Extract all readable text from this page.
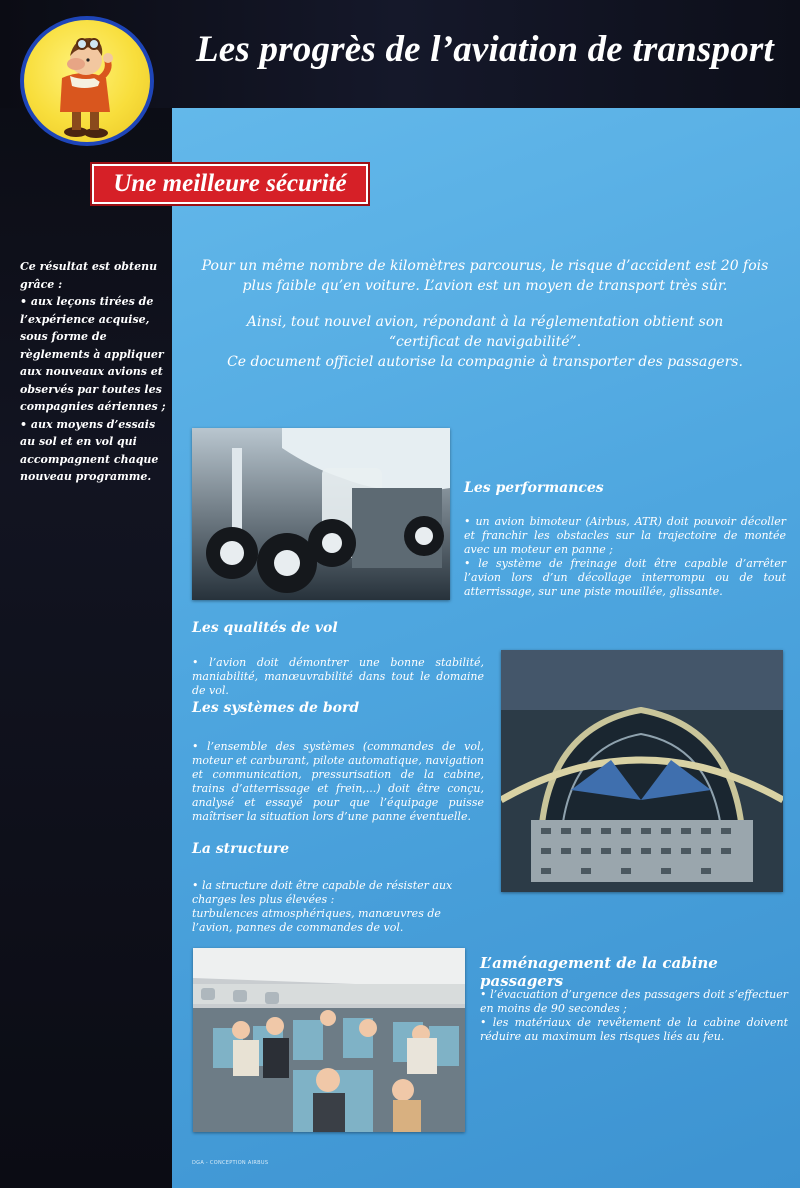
Les progrès de l’aviation de transport
Une meilleure sécurité

Ce résultat est obtenu grâce :

• aux leçons tirées de l’expérience acquise, sous forme de règlements à appliquer aux nouveaux avions et observés par toutes les compagnies aériennes ;

• aux moyens d’essais au sol et en vol qui accompagnent chaque nouveau programme.

Pour un même nombre de kilomètres parcourus, le risque d’accident est 20 fois plus faible qu’en voiture. L’avion est un moyen de transport très sûr.

Ainsi, tout nouvel avion, répondant à la réglementation obtient son

“certificat de navigabilité”.

Ce document officiel autorise la compagnie à transporter des passagers.

Les performances

• un avion bimoteur (Airbus, ATR) doit pouvoir décoller et franchir les obstacles sur la trajectoire de montée avec un moteur en panne ;

• le système de freinage doit être capable d’arrêter l’avion lors d’un décollage interrompu ou de tout atterrissage, sur une piste mouillée, glissante.

Les qualités de vol

• l’avion doit démontrer une bonne stabilité, maniabilité, manœuvrabilité dans tout le domaine de vol.

Les systèmes de bord

• l’ensemble des systèmes (commandes de vol, moteur et carburant, pilote automatique, navigation et communication, pressurisation de la cabine, trains d’atterrissage et frein,...) doit être conçu, analysé et essayé pour que l’équipage puisse maîtriser la situation lors d’une panne éventuelle.

La structure

• la structure doit être capable de résister aux charges les plus élevées :

turbulences atmosphériques, manœuvres de l’avion, pannes de commandes de vol.

L’aménagement de la cabine passagers

• l’évacuation d’urgence des passagers doit s’effectuer en moins de 90 secondes ;

• les matériaux de revêtement de la cabine doivent réduire au maximum les risques liés au feu.

DGA - CONCEPTION AIRBUS
